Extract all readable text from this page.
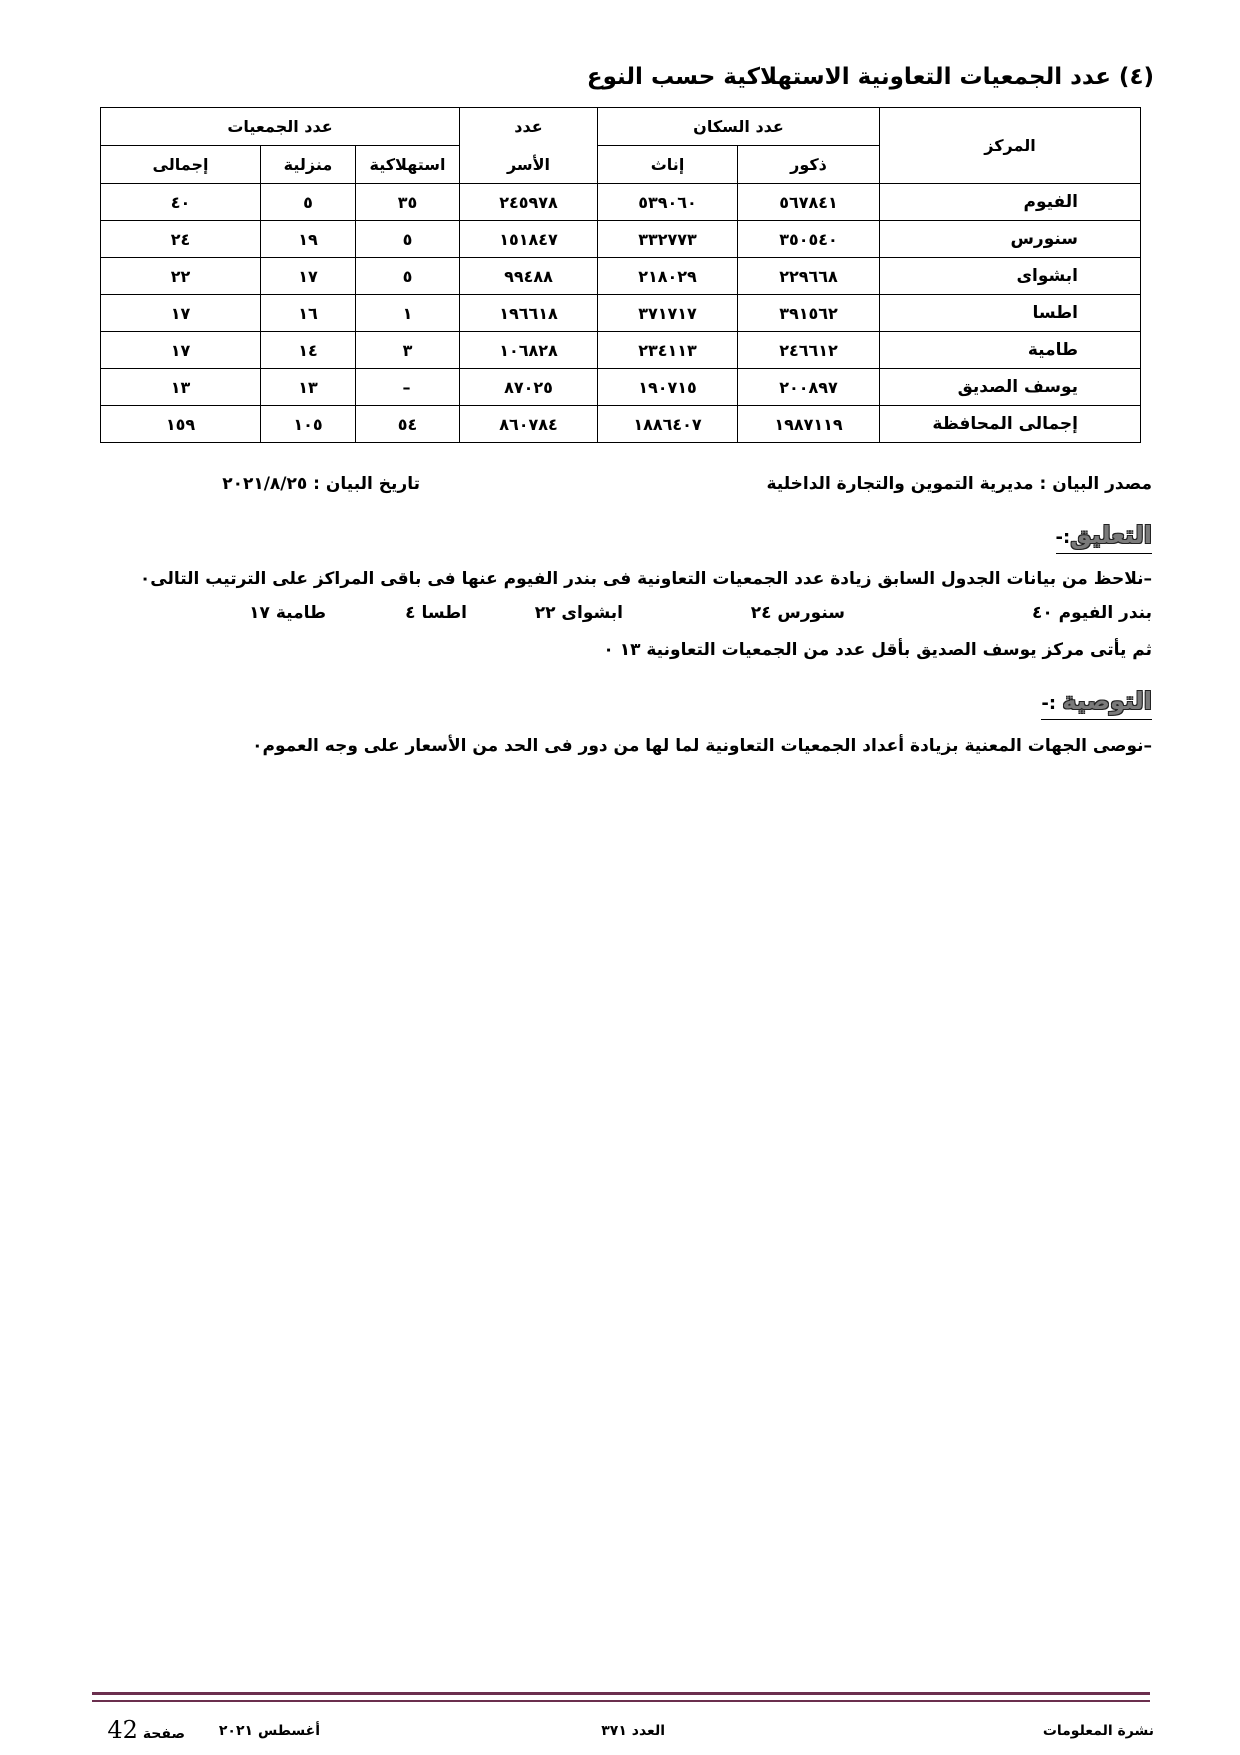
(٤) عدد الجمعيات التعاونية الاستهلاكية حسب النوع
المركز	عدد السكان		عدد	عدد الجمعيات		
	ذكور	إناث	الأسر	استهلاكية	منزلية	إجمالى
الفيوم	٥٦٧٨٤١	٥٣٩٠٦٠	٢٤٥٩٧٨	٣٥	٥	٤٠
سنورس	٣٥٠٥٤٠	٣٣٢٧٧٣	١٥١٨٤٧	٥	١٩	٢٤
ابشواى	٢٢٩٦٦٨	٢١٨٠٢٩	٩٩٤٨٨	٥	١٧	٢٢
اطسا	٣٩١٥٦٢	٣٧١٧١٧	١٩٦٦١٨	١	١٦	١٧
طامية	٢٤٦٦١٢	٢٣٤١١٣	١٠٦٨٢٨	٣	١٤	١٧
يوسف الصديق	٢٠٠٨٩٧	١٩٠٧١٥	٨٧٠٢٥	–	١٣	١٣
إجمالى المحافظة	١٩٨٧١١٩	١٨٨٦٤٠٧	٨٦٠٧٨٤	٥٤	١٠٥	١٥٩
مصدر البيان : مديرية التموين والتجارة الداخلية
تاريخ البيان : ٢٠٢١/٨/٢٥
التعليق:-
–نلاحظ من بيانات الجدول السابق زيادة عدد الجمعيات التعاونية فى بندر الفيوم عنها فى باقى المراكز على الترتيب التالى٠
بندر الفيوم ٤٠
سنورس ٢٤
ابشواى ٢٢
اطسا ٤
طامية ١٧
ثم يأتى مركز يوسف الصديق بأقل عدد من الجمعيات التعاونية ١٣ ٠
التوصية :-
–نوصى الجهات المعنية بزيادة أعداد الجمعيات التعاونية لما لها من دور فى الحد من الأسعار على وجه العموم٠
نشرة المعلومات
العدد ٣٧١
أغسطس ٢٠٢١
صفحة 42
